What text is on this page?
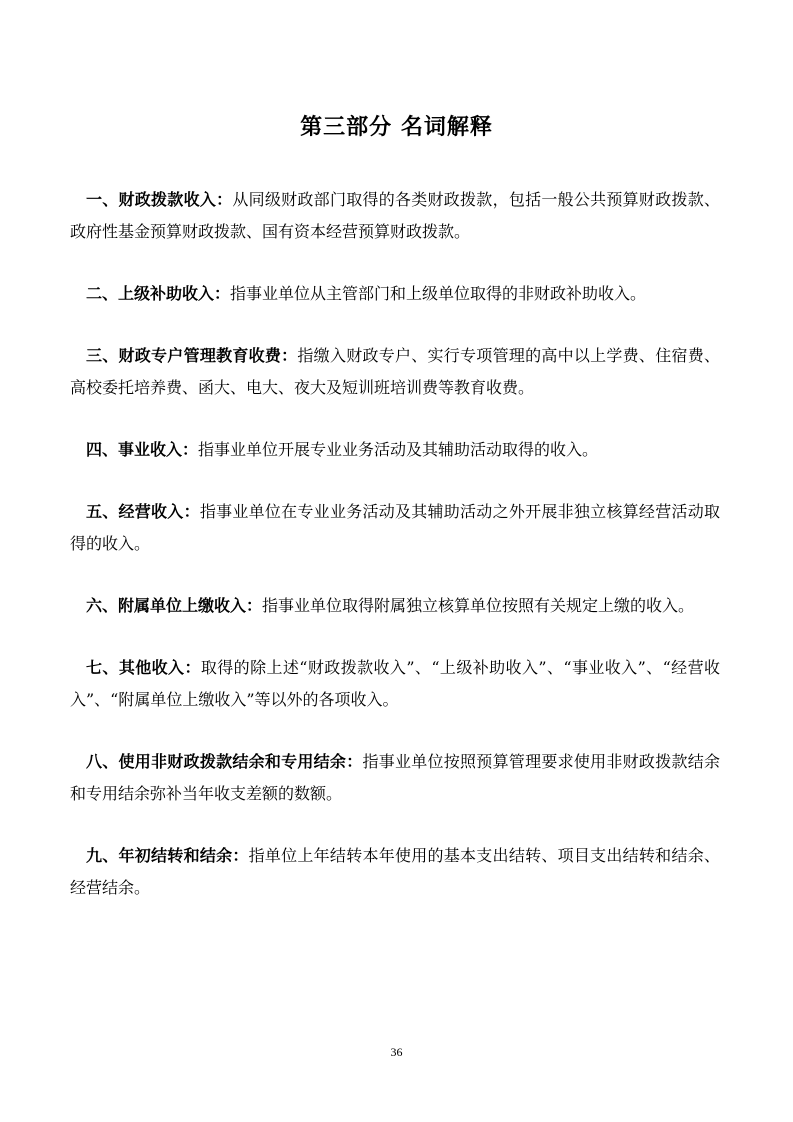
第三部分 名词解释

一、财政拨款收入：从同级财政部门取得的各类财政拨款，包括一般公共预算财政拨款、政府性基金预算财政拨款、国有资本经营预算财政拨款。

二、上级补助收入：指事业单位从主管部门和上级单位取得的非财政补助收入。

三、财政专户管理教育收费：指缴入财政专户、实行专项管理的高中以上学费、住宿费、高校委托培养费、函大、电大、夜大及短训班培训费等教育收费。

四、事业收入：指事业单位开展专业业务活动及其辅助活动取得的收入。

五、经营收入：指事业单位在专业业务活动及其辅助活动之外开展非独立核算经营活动取得的收入。

六、附属单位上缴收入：指事业单位取得附属独立核算单位按照有关规定上缴的收入。

七、其他收入：取得的除上述“财政拨款收入”、“上级补助收入”、“事业收入”、“经营收入”、“附属单位上缴收入”等以外的各项收入。

八、使用非财政拨款结余和专用结余：指事业单位按照预算管理要求使用非财政拨款结余和专用结余弥补当年收支差额的数额。

九、年初结转和结余：指单位上年结转本年使用的基本支出结转、项目支出结转和结余、经营结余。

36
